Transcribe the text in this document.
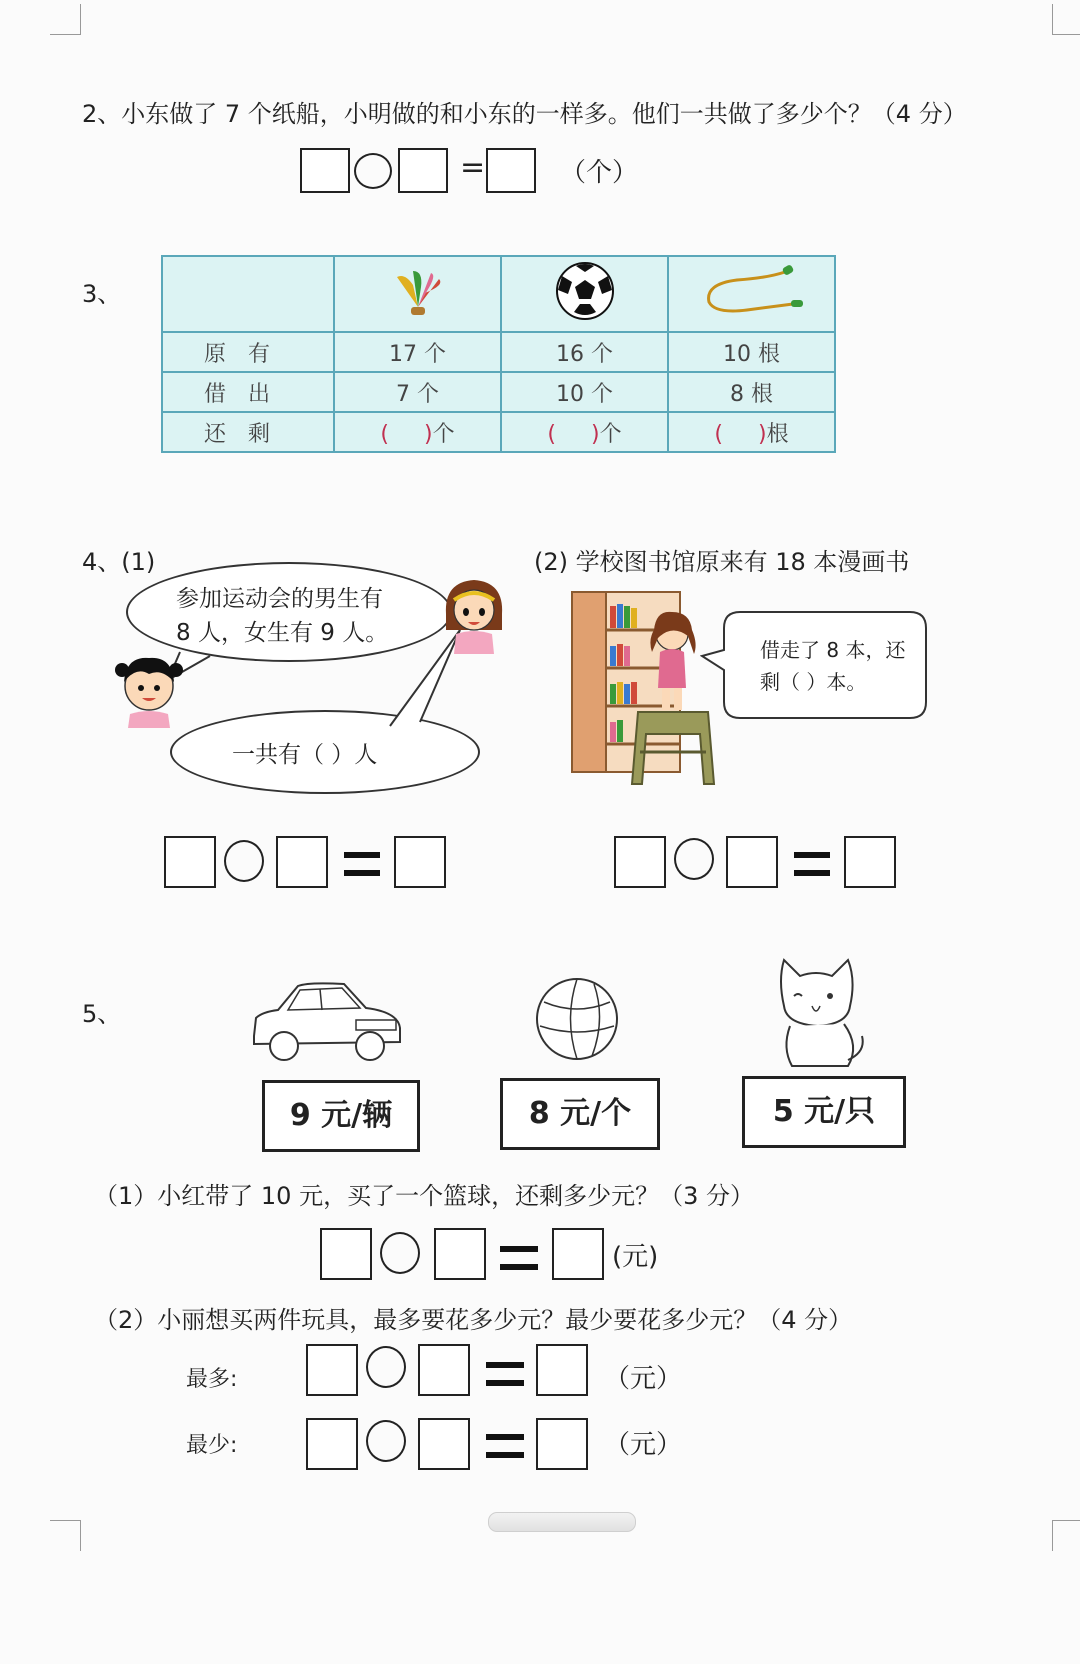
2、小东做了 7 个纸船，小明做的和小东的一样多。他们一共做了多少个？（4 分）
=	（个）
3、

原有	17 个	16 个	10 根
借出	7 个	10 个	8 根
还剩	(     )个	(     )个	(     )根
4、(1)
参加运动会的男生有
8 人，女生有 9 人。
一共有（ ）人
(2) 学校图书馆原来有 18 本漫画书
借走了 8 本，还
剩（ ）本。
5、
9 元/辆	8 元/个	5 元/只
（1）小红带了 10 元，买了一个篮球，还剩多少元？（3 分）
(元)
（2）小丽想买两件玩具，最多要花多少元？最少要花多少元？（4 分）
最多:	（元）
最少:	（元）
